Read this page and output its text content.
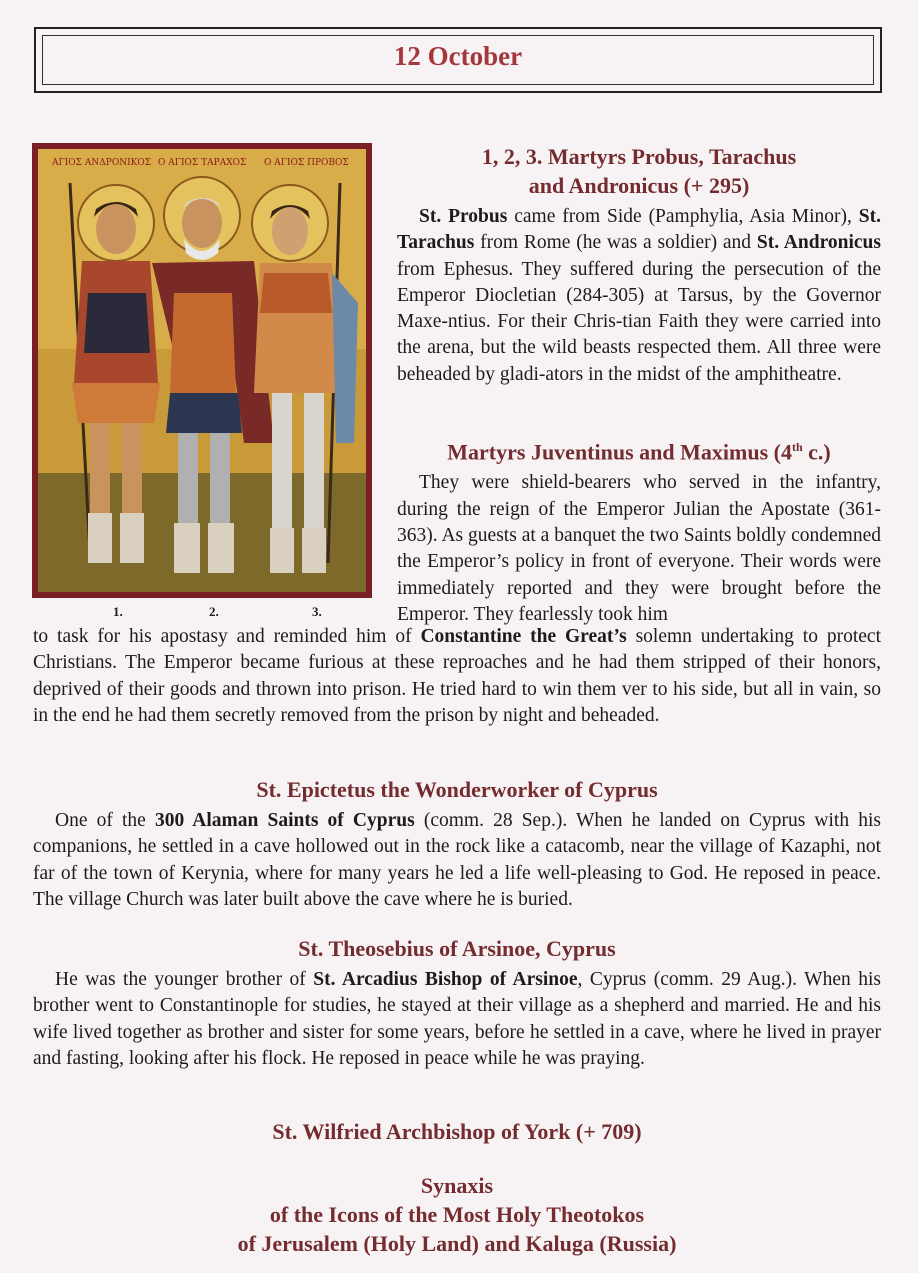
12 October
ΑΓΙΟΣ ΑΝΔΡΟΝΙΚΟΣ Ο ΑΓΙΟΣ ΤΑΡΑΧΟΣ Ο ΑΓΙΟΣ ΠΡΟΒΟΣ
1.	2.	3.
1, 2, 3. Martyrs Probus, Tarachus
and Andronicus (+ 295)

St. Probus came from Side (Pamphylia, Asia Minor), St. Tarachus from Rome (he was a soldier) and St. Andronicus from Ephesus. They suffered during the persecution of the Emperor Diocletian (284-305) at Tarsus, by the Governor Maxe-ntius. For their Chris-tian Faith they were carried into the arena, but the wild beasts respected them. All three were beheaded by gladi-ators in the midst of the amphitheatre.

Martyrs Juventinus and Maximus (4th c.)

They were shield-bearers who served in the infantry, during the reign of the Emperor Julian the Apostate (361-363). As guests at a banquet the two Saints boldly condemned the Emperor’s policy in front of everyone. Their words were immediately reported and they were brought before the Emperor. They fearlessly took him

to task for his apostasy and reminded him of Constantine the Great’s solemn undertaking to protect Christians. The Emperor became furious at these reproaches and he had them stripped of their honors, deprived of their goods and thrown into prison. He tried hard to win them ver to his side, but all in vain, so in the end he had them secretly removed from the prison by night and beheaded.

St. Epictetus the Wonderworker of Cyprus

One of the 300 Alaman Saints of Cyprus (comm. 28 Sep.). When he landed on Cyprus with his companions, he settled in a cave hollowed out in the rock like a catacomb, near the village of Kazaphi, not far of the town of Kerynia, where for many years he led a life well-pleasing to God. He reposed in peace. The village Church was later built above the cave where he is buried.

St. Theosebius of Arsinoe, Cyprus

He was the younger brother of St. Arcadius Bishop of Arsinoe, Cyprus (comm. 29 Aug.). When his brother went to Constantinople for studies, he stayed at their village as a shepherd and married. He and his wife lived together as brother and sister for some years, before he settled in a cave, where he lived in prayer and fasting, looking after his flock. He reposed in peace while he was praying.

St. Wilfried Archbishop of York (+ 709)
Synaxis
of the Icons of the Most Holy Theotokos
of Jerusalem (Holy Land) and Kaluga (Russia)
